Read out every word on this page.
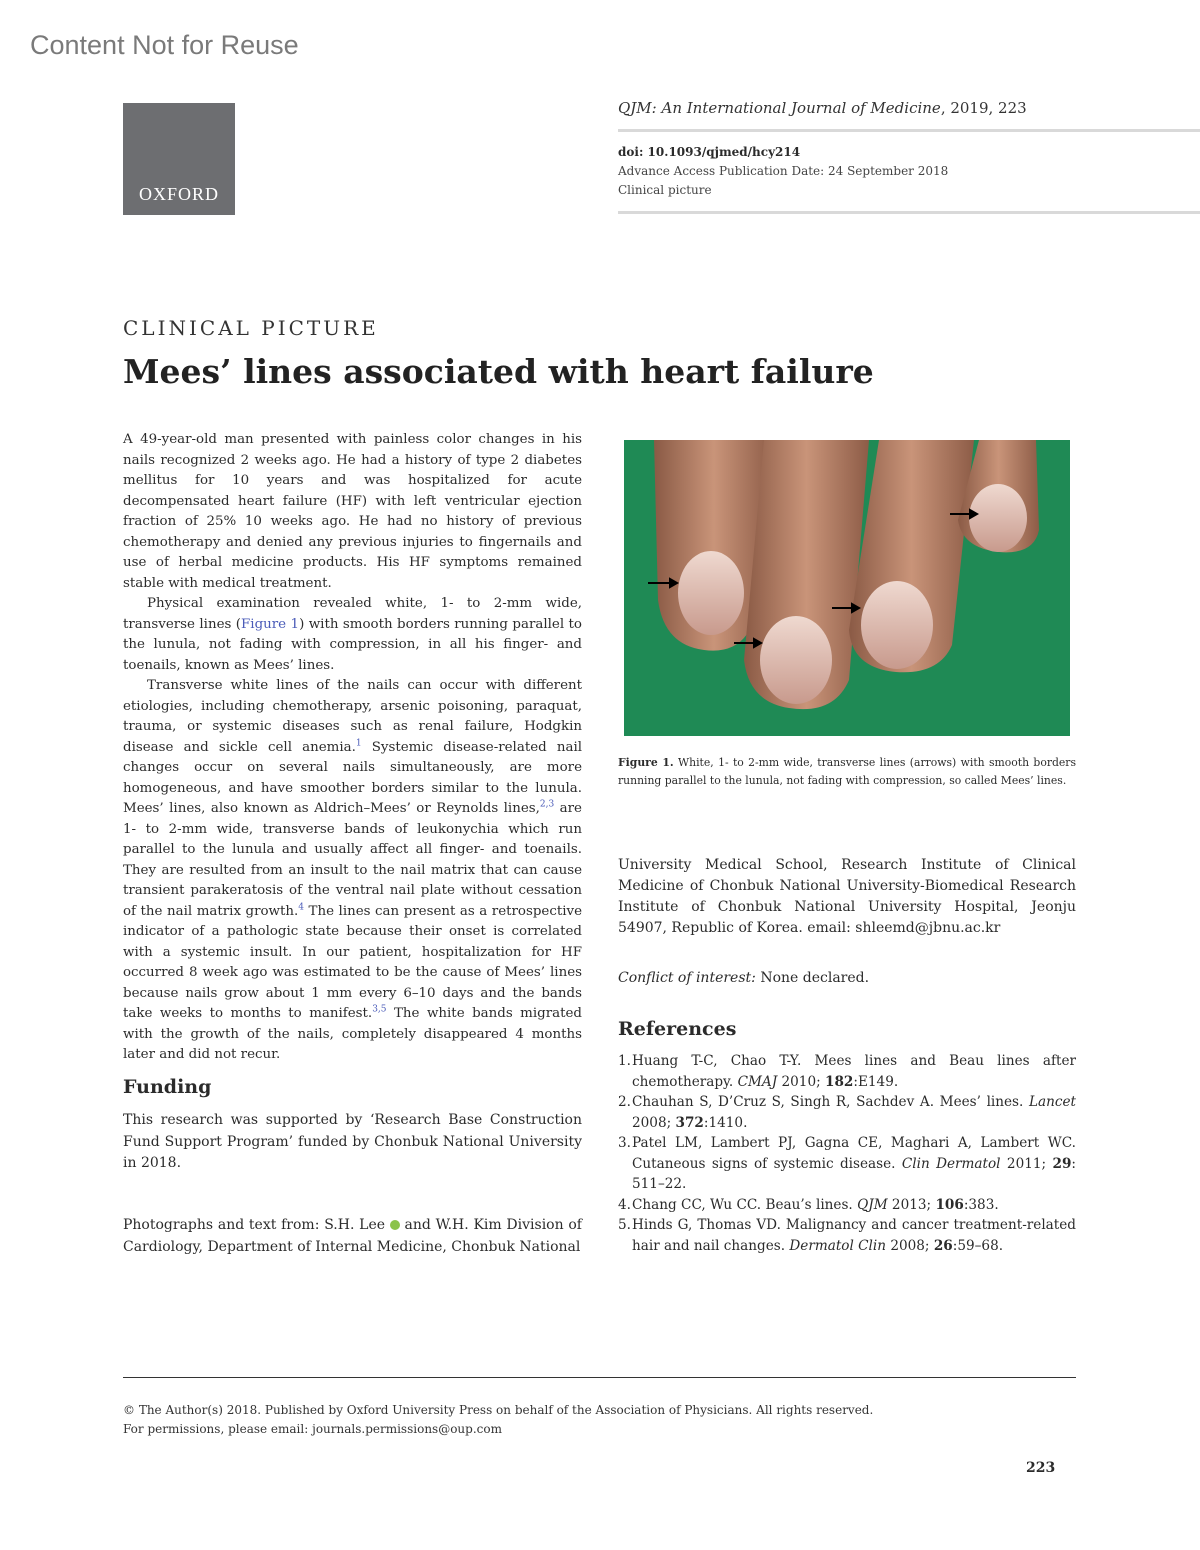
Content Not for Reuse
OXFORD
QJM: An International Journal of Medicine, 2019, 223
doi: 10.1093/qjmed/hcy214
Advance Access Publication Date: 24 September 2018
Clinical picture
CLINICAL PICTURE
Mees’ lines associated with heart failure

A 49-year-old man presented with painless color changes in his nails recognized 2 weeks ago. He had a history of type 2 diabetes mellitus for 10 years and was hospitalized for acute decompensated heart failure (HF) with left ventricular ejection fraction of 25% 10 weeks ago. He had no history of previous chemotherapy and denied any previous injuries to fingernails and use of herbal medicine products. His HF symptoms remained stable with medical treatment.

Physical examination revealed white, 1- to 2-mm wide, transverse lines (Figure 1) with smooth borders running parallel to the lunula, not fading with compression, in all his finger- and toenails, known as Mees’ lines.

Transverse white lines of the nails can occur with different etiologies, including chemotherapy, arsenic poisoning, paraquat, trauma, or systemic diseases such as renal failure, Hodgkin disease and sickle cell anemia.$^1$ Systemic disease-related nail changes occur on several nails simultaneously, are more homogeneous, and have smoother borders similar to the lunula. Mees’ lines, also known as Aldrich–Mees’ or Reynolds lines,$^{2,3}$ are 1- to 2-mm wide, transverse bands of leukonychia which run parallel to the lunula and usually affect all finger- and toenails. They are resulted from an insult to the nail matrix that can cause transient parakeratosis of the ventral nail plate without cessation of the nail matrix growth.$^4$ The lines can present as a retrospective indicator of a pathologic state because their onset is correlated with a systemic insult. In our patient, hospitalization for HF occurred 8 week ago was estimated to be the cause of Mees’ lines because nails grow about 1 mm every 6–10 days and the bands take weeks to months to manifest.$^{3,5}$ The white bands migrated with the growth of the nails, completely disappeared 4 months later and did not recur.

Funding
This research was supported by ‘Research Base Construction Fund Support Program’ funded by Chonbuk National University in 2018.
Photographs and text from: S.H. Lee  and W.H. Kim Division of Cardiology, Department of Internal Medicine, Chonbuk National
Figure 1. White, 1- to 2-mm wide, transverse lines (arrows) with smooth borders running parallel to the lunula, not fading with compression, so called Mees’ lines.
University Medical School, Research Institute of Clinical Medicine of Chonbuk National University-Biomedical Research Institute of Chonbuk National University Hospital, Jeonju 54907, Republic of Korea. email: shleemd@jbnu.ac.kr
Conflict of interest: None declared.
References
1. Huang T-C, Chao T-Y. Mees lines and Beau lines after chemotherapy. CMAJ 2010; 182:E149.
2. Chauhan S, D’Cruz S, Singh R, Sachdev A. Mees’ lines. Lancet 2008; 372:1410.
3. Patel LM, Lambert PJ, Gagna CE, Maghari A, Lambert WC. Cutaneous signs of systemic disease. Clin Dermatol 2011; 29: 511–22.
4. Chang CC, Wu CC. Beau’s lines. QJM 2013; 106:383.
5. Hinds G, Thomas VD. Malignancy and cancer treatment-related hair and nail changes. Dermatol Clin 2008; 26:59–68.
© The Author(s) 2018. Published by Oxford University Press on behalf of the Association of Physicians. All rights reserved.
For permissions, please email: journals.permissions@oup.com
223
